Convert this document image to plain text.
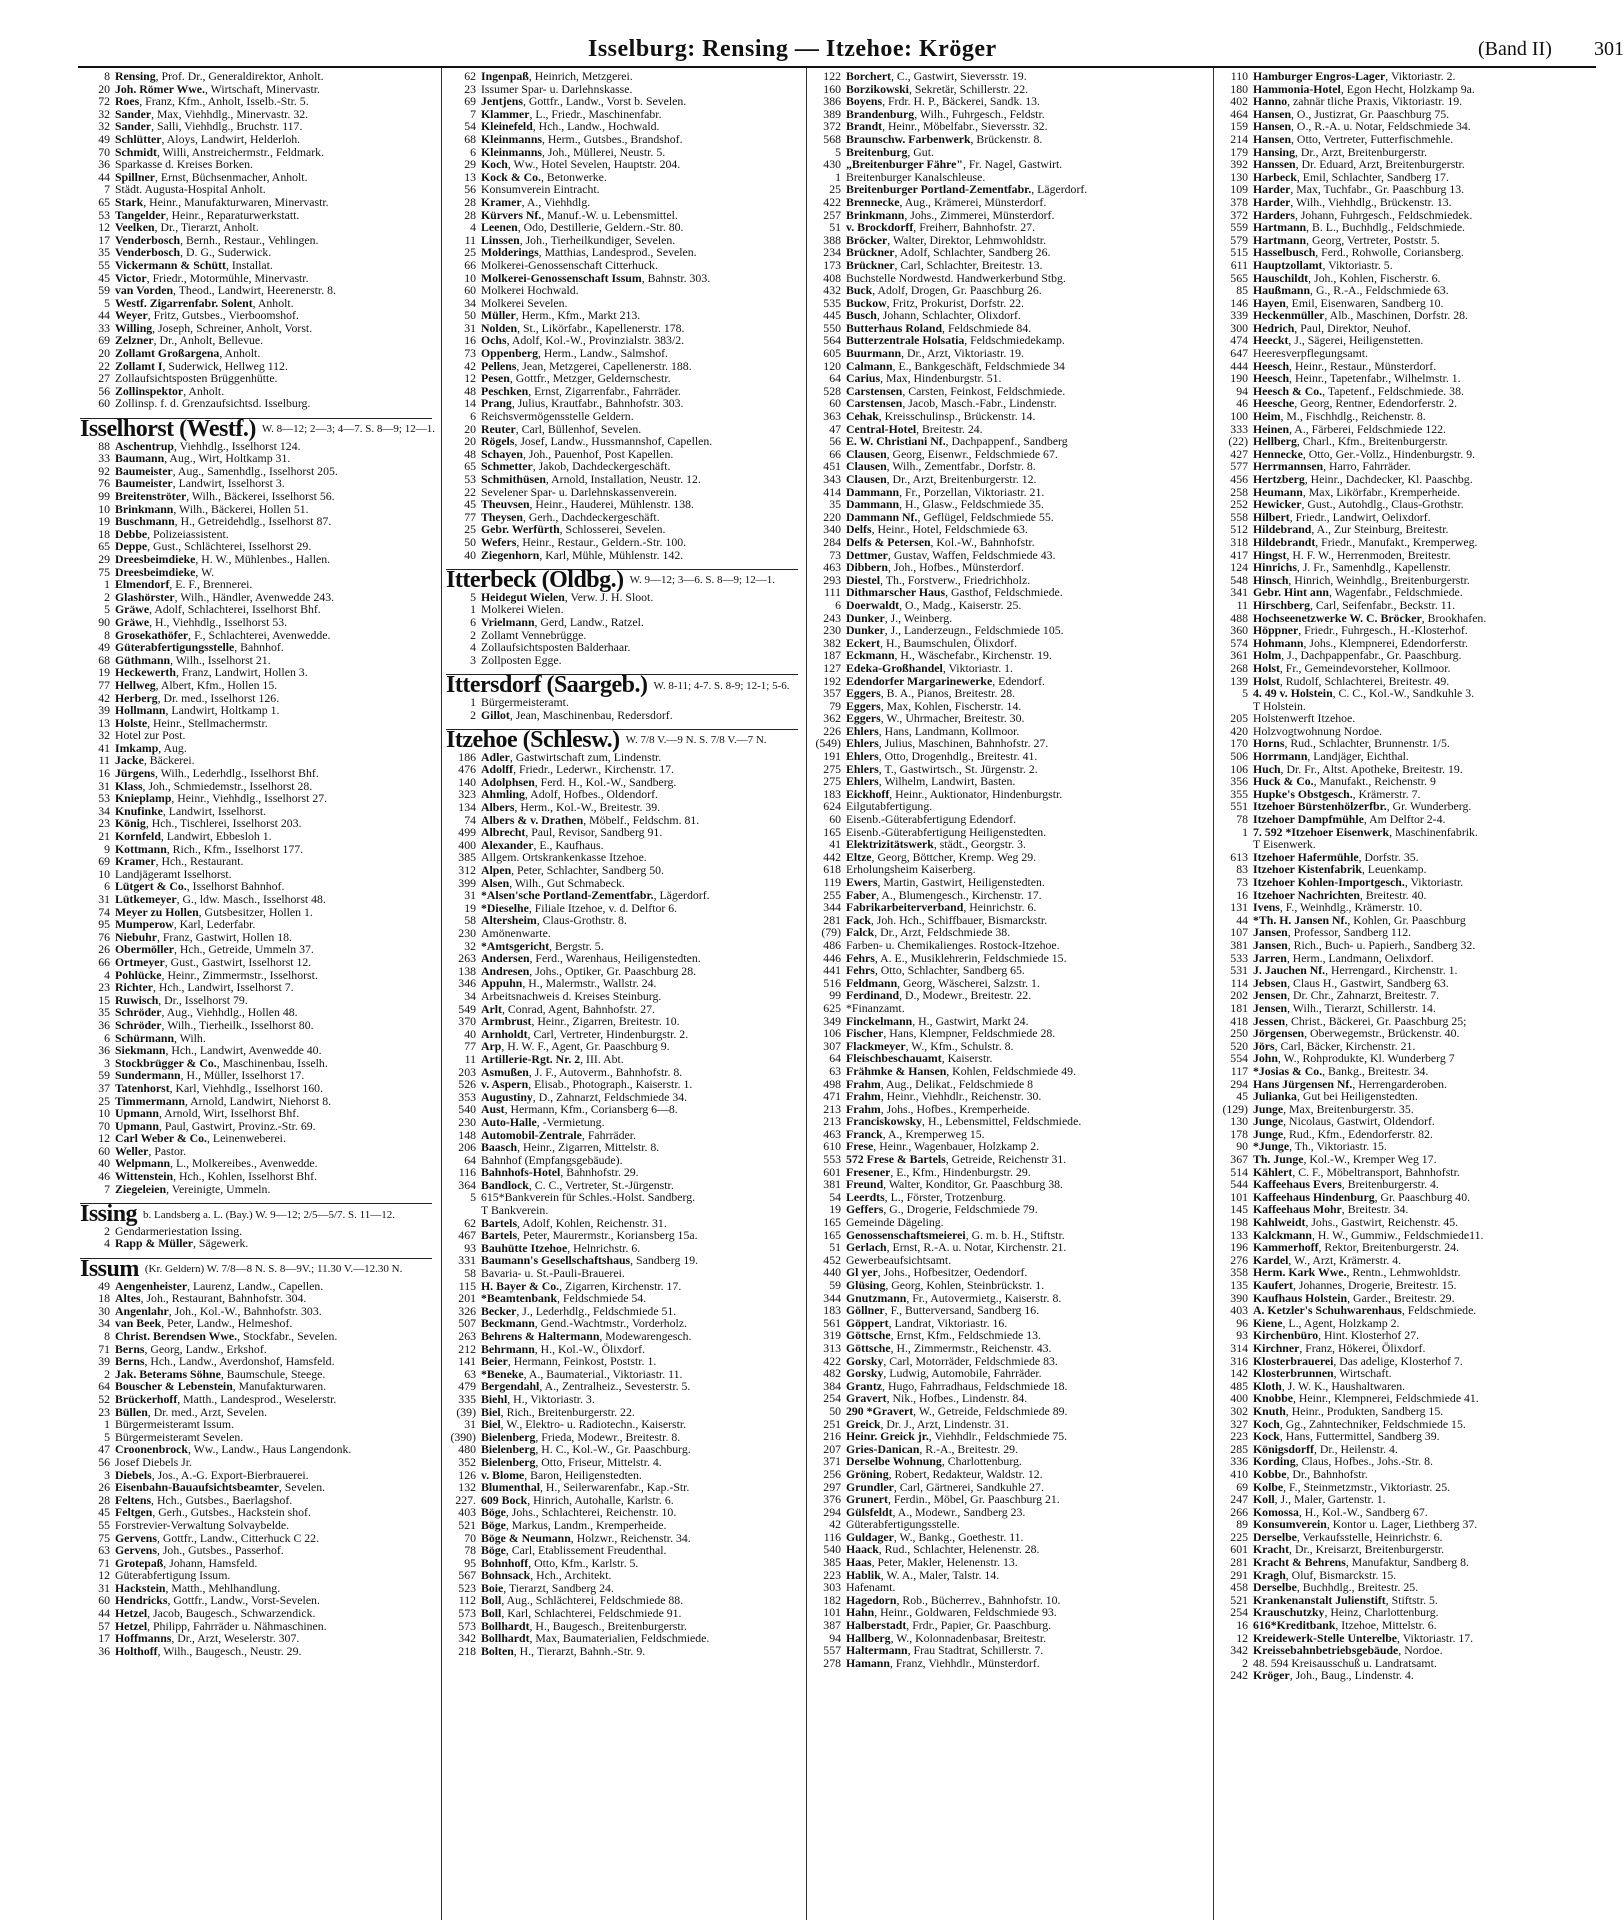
Isselburg: Rensing — Itzehoe: Kröger	(Band II) 301
8 Rensing, Prof. Dr., Generaldirektor, Anholt.
20 Joh. Römer Wwe., Wirtschaft, Minervastr.
72 Roes, Franz, Kfm., Anholt, Isselb.-Str. 5.
32 Sander, Max, Viehhdlg., Minervastr. 32.
32 Sander, Salli, Viehhdlg., Bruchstr. 117.
49 Schlütter, Aloys, Landwirt, Helderloh.
70 Schmidt, Willi, Anstreichermstr., Feldmark.
36 Sparkasse d. Kreises Borken.
44 Spillner, Ernst, Büchsenmacher, Anholt.
7 Städt. Augusta-Hospital Anholt.
65 Stark, Heinr., Manufakturwaren, Minervastr.
53 Tangelder, Heinr., Reparaturwerkstatt.
12 Veelken, Dr., Tierarzt, Anholt.
17 Venderbosch, Bernh., Restaur., Vehlingen.
35 Venderbosch, D. G., Suderwick.
55 Vickermann & Schütt, Installat.
45 Victor, Friedr., Motormühle, Minervastr.
59 van Vorden, Theod., Landwirt, Heerenerstr. 8.
5 Westf. Zigarrenfabr. Solent, Anholt.
44 Weyer, Fritz, Gutsbes., Vierboomshof.
33 Willing, Joseph, Schreiner, Anholt, Vorst.
69 Zelzner, Dr., Anholt, Bellevue.
20 Zollamt Großargena, Anholt.
22 Zollamt I, Suderwick, Hellweg 112.
27 Zollaufsichtsposten Brüggenhütte.
56 Zollinspektor, Anholt.
60 Zollinsp. f. d. Grenzaufsichtsd. Isselburg.
Isselhorst (Westf.) W. 8—12; 2—3; 4—7. S. 8—9; 12—1.
88 Aschentrup, Viehhdlg., Isselhorst 124.
33 Baumann, Aug., Wirt, Holtkamp 31.
92 Baumeister, Aug., Samenhdlg., Isselhorst 205.
76 Baumeister, Landwirt, Isselhorst 3.
99 Breitenströter, Wilh., Bäckerei, Isselhorst 56.
10 Brinkmann, Wilh., Bäckerei, Hollen 51.
19 Buschmann, H., Getreidehdlg., Isselhorst 87.
18 Debbe, Polizeiassistent.
65 Deppe, Gust., Schlächterei, Isselhorst 29.
29 Dreesbeimdieke, H. W., Mühlenbes., Hallen.
75 Dreesbeimdieke, W.
1 Elmendorf, E. F., Brennerei.
2 Glashörster, Wilh., Händler, Avenwedde 243.
5 Gräwe, Adolf, Schlachterei, Isselhorst Bhf.
90 Gräwe, H., Viehhdlg., Isselhorst 53.
8 Grosekathöfer, F., Schlachterei, Avenwedde.
49 Güterabfertigungsstelle, Bahnhof.
68 Güthmann, Wilh., Isselhorst 21.
19 Heckewerth, Franz, Landwirt, Hollen 3.
77 Hellweg, Albert, Kfm., Hollen 15.
42 Herberg, Dr. med., Isselhorst 126.
39 Hollmann, Landwirt, Holtkamp 1.
13 Holste, Heinr., Stellmachermstr.
32 Hotel zur Post.
41 Imkamp, Aug.
11 Jacke, Bäckerei.
16 Jürgens, Wilh., Lederhdlg., Isselhorst Bhf.
31 Klass, Joh., Schmiedemstr., Isselhorst 28.
53 Knieplamp, Heinr., Viehhdlg., Isselhorst 27.
34 Knufinke, Landwirt, Isselhorst.
23 König, Hch., Tischlerei, Isselhorst 203.
21 Kornfeld, Landwirt, Ebbesloh 1.
9 Kottmann, Rich., Kfm., Isselhorst 177.
69 Kramer, Hch., Restaurant.
10 Landjägeramt Isselhorst.
6 Lütgert & Co., Isselhorst Bahnhof.
31 Lütkemeyer, G., ldw. Masch., Isselhorst 48.
74 Meyer zu Hollen, Gutsbesitzer, Hollen 1.
95 Mumperow, Karl, Lederfabr.
76 Niebuhr, Franz, Gastwirt, Hollen 18.
26 Obermöller, Hch., Getreide, Ummeln 37.
66 Ortmeyer, Gust., Gastwirt, Isselhorst 12.
4 Pohlücke, Heinr., Zimmermstr., Isselhorst.
23 Richter, Hch., Landwirt, Isselhorst 7.
15 Ruwisch, Dr., Isselhorst 79.
35 Schröder, Aug., Viehhdlg., Hollen 48.
36 Schröder, Wilh., Tierheilk., Isselhorst 80.
6 Schürmann, Wilh.
36 Siekmann, Hch., Landwirt, Avenwedde 40.
3 Stockbrügger & Co., Maschinenbau, Isselh.
59 Sundermann, H., Müller, Isselhorst 17.
37 Tatenhorst, Karl, Viehhdlg., Isselhorst 160.
25 Timmermann, Arnold, Landwirt, Niehorst 8.
10 Upmann, Arnold, Wirt, Isselhorst Bhf.
70 Upmann, Paul, Gastwirt, Provinz.-Str. 69.
12 Carl Weber & Co., Leinenweberei.
60 Weller, Pastor.
40 Welpmann, L., Molkereibes., Avenwedde.
46 Wittenstein, Hch., Kohlen, Isselhorst Bhf.
7 Ziegeleien, Vereinigte, Ummeln.
Issing b. Landsberg a. L. (Bay.) W. 9—12; 2/5—5/7. S. 11—12.
2 Gendarmeriestation Issing.
4 Rapp & Müller, Sägewerk.
Issum (Kr. Geldern) W. 7/8—8 N. S. 8—9V.; 11.30 V.—12.30 N.
49 Aengenheister, Laurenz, Landw., Capellen.
18 Altes, Joh., Restaurant, Bahnhofstr. 304.
30 Angenlahr, Joh., Kol.-W., Bahnhofstr. 303.
34 van Beek, Peter, Landw., Helmeshof.
8 Christ. Berendsen Wwe., Stockfabr., Sevelen.
71 Berns, Georg, Landw., Erkshof.
39 Berns, Hch., Landw., Averdonshof, Hamsfeld.
2 Jak. Beterams Söhne, Baumschule, Steege.
64 Bouscher & Lebenstein, Manufakturwaren.
52 Brückerhoff, Matth., Landesprod., Weselerstr.
23 Büllen, Dr. med., Arzt, Sevelen.
1 Bürgermeisteramt Issum.
5 Bürgermeisteramt Sevelen.
47 Croonenbrock, Ww., Landw., Haus Langendonk.
56 Josef Diebels Jr.
3 Diebels, Jos., A.-G. Export-Bierbrauerei.
26 Eisenbahn-Bauaufsichtsbeamter, Sevelen.
28 Feltens, Hch., Gutsbes., Baerlagshof.
45 Feltgen, Gerh., Gutsbes., Hackstein shof.
55 Forstrevier-Verwaltung Solvaybelde.
75 Gervens, Gottfr., Landw., Citterhuck C 22.
63 Gervens, Joh., Gutsbes., Passerhof.
71 Grotepaß, Johann, Hamsfeld.
12 Güterabfertigung Issum.
31 Hackstein, Matth., Mehlhandlung.
60 Hendricks, Gottfr., Landw., Vorst-Sevelen.
44 Hetzel, Jacob, Baugesch., Schwarzendick.
57 Hetzel, Philipp, Fahrräder u. Nähmaschinen.
17 Hoffmanns, Dr., Arzt, Weselerstr. 307.
36 Holthoff, Wilh., Baugesch., Neustr. 29.
62 Ingenpaß, Heinrich, Metzgerei.
23 Issumer Spar- u. Darlehnskasse.
69 Jentjens, Gottfr., Landw., Vorst b. Sevelen.
7 Klammer, L., Friedr., Maschinenfabr.
54 Kleinefeld, Hch., Landw., Hochwald.
68 Kleinmanns, Herm., Gutsbes., Brandshof.
6 Kleinmanns, Joh., Müllerei, Neustr. 5.
29 Koch, Ww., Hotel Sevelen, Hauptstr. 204.
13 Kock & Co., Betonwerke.
56 Konsumverein Eintracht.
28 Kramer, A., Viehhdlg.
28 Kürvers Nf., Manuf.-W. u. Lebensmittel.
4 Leenen, Odo, Destillerie, Geldern.-Str. 80.
11 Linssen, Joh., Tierheilkundiger, Sevelen.
25 Molderings, Matthias, Landesprod., Sevelen.
66 Molkerei-Genossenschaft Citterhuck.
10 Molkerei-Genossenschaft Issum, Bahnstr. 303.
60 Molkerei Hochwald.
34 Molkerei Sevelen.
50 Müller, Herm., Kfm., Markt 213.
31 Nolden, St., Likörfabr., Kapellenerstr. 178.
16 Ochs, Adolf, Kol.-W., Provinzialstr. 383/2.
73 Oppenberg, Herm., Landw., Salmshof.
42 Pellens, Jean, Metzgerei, Capellenerstr. 188.
12 Pesen, Gottfr., Metzger, Geldernschestr.
48 Peschken, Ernst, Zigarrenfabr., Fahrräder.
14 Prang, Julius, Krautfabr., Bahnhofstr. 303.
6 Reichsvermögensstelle Geldern.
20 Reuter, Carl, Büllenhof, Sevelen.
20 Rögels, Josef, Landw., Hussmannshof, Capellen.
48 Schayen, Joh., Pauenhof, Post Kapellen.
65 Schmetter, Jakob, Dachdeckergeschäft.
53 Schmithüsen, Arnold, Installation, Neustr. 12.
22 Sevelener Spar- u. Darlehnskassenverein.
45 Theuvsen, Heinr., Hauderei, Mühlenstr. 138.
77 Theysen, Gerh., Dachdeckergeschäft.
25 Gebr. Werfürth, Schlosserei, Sevelen.
50 Wefers, Heinr., Restaur., Geldern.-Str. 100.
40 Ziegenhorn, Karl, Mühle, Mühlenstr. 142.
Itterbeck (Oldbg.) W. 9—12; 3—6. S. 8—9; 12—1.
5 Heidegut Wielen, Verw. J. H. Sloot.
1 Molkerei Wielen.
6 Vrielmann, Gerd, Landw., Ratzel.
2 Zollamt Vennebrügge.
4 Zollaufsichtsposten Balderhaar.
3 Zollposten Egge.
Ittersdorf (Saargeb.) W. 8-11; 4-7. S. 8-9; 12-1; 5-6.
1 Bürgermeisteramt.
2 Gillot, Jean, Maschinenbau, Redersdorf.
Itzehoe (Schlesw.) W. 7/8 V.—9 N. S. 7/8 V.—7 N.
186 Adler, Gastwirtschaft zum, Lindenstr.
476 Adolff, Friedr., Lederwr., Kirchenstr. 17.
140 Adolphsen, Ferd. H., Kol.-W., Sandberg.
323 Ahmling, Adolf, Hofbes., Oldendorf.
134 Albers, Herm., Kol.-W., Breitestr. 39.
74 Albers & v. Drathen, Möbelf., Feldschm. 81.
499 Albrecht, Paul, Revisor, Sandberg 91.
400 Alexander, E., Kaufhaus.
385 Allgem. Ortskrankenkasse Itzehoe.
312 Alpen, Peter, Schlachter, Sandberg 50.
399 Alsen, Wilh., Gut Schmabeck.
31 *Alsen'sche Portland-Zementfabr., Lägerdorf.
19 *Dieselhe, Filiale Itzehoe, v. d. Delftor 6.
58 Altersheim, Claus-Grothstr. 8.
230 Amönenwarte.
32 *Amtsgericht, Bergstr. 5.
263 Andersen, Ferd., Warenhaus, Heiligenstedten.
138 Andresen, Johs., Optiker, Gr. Paaschburg 28.
346 Appuhn, H., Malermstr., Wallstr. 24.
34 Arbeitsnachweis d. Kreises Steinburg.
549 Arlt, Conrad, Agent, Bahnhofstr. 27.
370 Armbrust, Heinr., Zigarren, Breitestr. 10.
40 Arnholdt, Carl, Vertreter, Hindenburgstr. 2.
77 Arp, H. W. F., Agent, Gr. Paaschburg 9.
11 Artillerie-Rgt. Nr. 2, III. Abt.
203 Asmußen, J. F., Autoverm., Bahnhofstr. 8.
526 v. Aspern, Elisab., Photograph., Kaiserstr. 1.
353 Augustiny, D., Zahnarzt, Feldschmiede 34.
540 Aust, Hermann, Kfm., Coriansberg 6—8.
230 Auto-Halle, -Vermietung.
148 Automobil-Zentrale, Fahrräder.
206 Baasch, Heinr., Zigarren, Mittelstr. 8.
64 Bahnhof (Empfangsgebäude).
116 Bahnhofs-Hotel, Bahnhofstr. 29.
364 Bandlock, C. C., Vertreter, St.-Jürgenstr.
5 615*Bankverein für Schles.-Holst. Sandberg.
T Bankverein.
62 Bartels, Adolf, Kohlen, Reichenstr. 31.
467 Bartels, Peter, Maurermstr., Koriansberg 15a.
93 Bauhütte Itzehoe, Helnrichstr. 6.
331 Baumann's Gesellschaftshaus, Sandberg 19.
58 Bavaria- u. St.-Pauli-Brauerei.
115 H. Bayer & Co., Zigarren, Kirchenstr. 17.
201 *Beamtenbank, Feldschmiede 54.
326 Becker, J., Lederhdlg., Feldschmiede 51.
507 Beckmann, Gend.-Wachtmstr., Vorderholz.
263 Behrens & Haltermann, Modewarengesch.
212 Behrmann, H., Kol.-W., Ölixdorf.
141 Beier, Hermann, Feinkost, Poststr. 1.
63 *Beneke, A., Baumaterial., Viktoriastr. 11.
479 Bergendahl, A., Zentralheiz., Sevesterstr. 5.
335 Biehl, H., Viktoriastr. 3.
(39) Biel, Rich., Breitenburgerstr. 22.
31 Biel, W., Elektro- u. Radiotechn., Kaiserstr.
(390) Bielenberg, Frieda, Modewr., Breitestr. 8.
480 Bielenberg, H. C., Kol.-W., Gr. Paaschburg.
352 Bielenberg, Otto, Friseur, Mittelstr. 4.
126 v. Blome, Baron, Heiligenstedten.
132 Blumenthal, H., Seilerwarenfabr., Kap.-Str.
227. 609 Bock, Hinrich, Autohalle, Karlstr. 6.
403 Böge, Johs., Schlachterei, Reichenstr. 10.
521 Böge, Markus, Landm., Kremperheide.
70 Böge & Neumann, Holzwr., Reichenstr. 34.
78 Böge, Carl, Etablissement Freudenthal.
95 Bohnhoff, Otto, Kfm., Karlstr. 5.
567 Bohnsack, Hch., Architekt.
523 Boie, Tierarzt, Sandberg 24.
112 Boll, Aug., Schlächterei, Feldschmiede 88.
573 Boll, Karl, Schlachterei, Feldschmiede 91.
573 Bollhardt, H., Baugesch., Breitenburgerstr.
342 Bollhardt, Max, Baumaterialien, Feldschmiede.
218 Bolten, H., Tierarzt, Bahnh.-Str. 9.
122 Borchert, C., Gastwirt, Sieversstr. 19.
160 Borzikowski, Sekretär, Schillerstr. 22.
386 Boyens, Frdr. H. P., Bäckerei, Sandk. 13.
389 Brandenburg, Wilh., Fuhrgesch., Feldstr.
372 Brandt, Heinr., Möbelfabr., Sieversstr. 32.
568 Braunschw. Farbenwerk, Brückenstr. 8.
5 Breitenburg, Gut.
430 „Breitenburger Fähre", Fr. Nagel, Gastwirt.
1 Breitenburger Kanalschleuse.
25 Breitenburger Portland-Zementfabr., Lägerdorf.
422 Brennecke, Aug., Krämerei, Münsterdorf.
257 Brinkmann, Johs., Zimmerei, Münsterdorf.
51 v. Brockdorff, Freiherr, Bahnhofstr. 27.
388 Bröcker, Walter, Direktor, Lehmwohldstr.
234 Brückner, Adolf, Schlachter, Sandberg 26.
173 Brückner, Carl, Schlachter, Breitestr. 13.
408 Buchstelle Nordwestd. Handwerkerbund Stbg.
432 Buck, Adolf, Drogen, Gr. Paaschburg 26.
535 Buckow, Fritz, Prokurist, Dorfstr. 22.
445 Busch, Johann, Schlachter, Olixdorf.
550 Butterhaus Roland, Feldschmiede 84.
564 Butterzentrale Holsatia, Feldschmiedekamp.
605 Buurmann, Dr., Arzt, Viktoriastr. 19.
120 Calmann, E., Bankgeschäft, Feldschmiede 34
64 Carius, Max, Hindenburgstr. 51.
528 Carstensen, Carsten, Feinkost, Feldschmiede.
60 Carstensen, Jacob, Masch.-Fabr., Lindenstr.
363 Cehak, Kreisschulinsp., Brückenstr. 14.
47 Central-Hotel, Breitestr. 24.
56 E. W. Christiani Nf., Dachpappenf., Sandberg
66 Clausen, Georg, Eisenwr., Feldschmiede 67.
451 Clausen, Wilh., Zementfabr., Dorfstr. 8.
343 Clausen, Dr., Arzt, Breitenburgerstr. 12.
414 Dammann, Fr., Porzellan, Viktoriastr. 21.
35 Dammann, H., Glasw., Feldschmiede 35.
220 Dammann Nf., Geflügel, Feldschmiede 55.
340 Delfs, Heinr., Hotel, Feldschmiede 63.
284 Delfs & Petersen, Kol.-W., Bahnhofstr.
73 Dettmer, Gustav, Waffen, Feldschmiede 43.
463 Dibbern, Joh., Hofbes., Münsterdorf.
293 Diestel, Th., Forstverw., Friedrichholz.
111 Dithmarscher Haus, Gasthof, Feldschmiede.
6 Doerwaldt, O., Madg., Kaiserstr. 25.
243 Dunker, J., Weinberg.
230 Dunker, J., Landerzeugn., Feldschmiede 105.
382 Eckert, H., Baumschulen, Ölixdorf.
187 Eckmann, H., Wäschefabr., Kirchenstr. 19.
127 Edeka-Großhandel, Viktoriastr. 1.
192 Edendorfer Margarinewerke, Edendorf.
357 Eggers, B. A., Pianos, Breitestr. 28.
79 Eggers, Max, Kohlen, Fischerstr. 14.
362 Eggers, W., Uhrmacher, Breitestr. 30.
226 Ehlers, Hans, Landmann, Kollmoor.
(549) Ehlers, Julius, Maschinen, Bahnhofstr. 27.
191 Ehlers, Otto, Drogenhdlg., Breitestr. 41.
275 Ehlers, T., Gastwirtsch., St. Jürgenstr. 2.
275 Ehlers, Wilhelm, Landwirt, Basten.
183 Eickhoff, Heinr., Auktionator, Hindenburgstr.
624 Eilgutabfertigung.
60 Eisenb.-Güterabfertigung Edendorf.
165 Eisenb.-Güterabfertigung Heiligenstedten.
41 Elektrizitätswerk, städt., Georgstr. 3.
442 Eltze, Georg, Böttcher, Kremp. Weg 29.
618 Erholungsheim Kaiserberg.
119 Ewers, Martin, Gastwirt, Heiligenstedten.
255 Faber, A., Blumengesch., Kirchenstr. 17.
344 Fabrikarbeiterverband, Heinrichstr. 6.
281 Fack, Joh. Hch., Schiffbauer, Bismarckstr.
(79) Falck, Dr., Arzt, Feldschmiede 38.
486 Farben- u. Chemikalienges. Rostock-Itzehoe.
446 Fehrs, A. E., Musiklehrerin, Feldschmiede 15.
441 Fehrs, Otto, Schlachter, Sandberg 65.
516 Feldmann, Georg, Wäscherei, Salzstr. 1.
99 Ferdinand, D., Modewr., Breitestr. 22.
625 *Finanzamt.
349 Finckelmann, H., Gastwirt, Markt 24.
106 Fischer, Hans, Klempner, Feldschmiede 28.
307 Flackmeyer, W., Kfm., Schulstr. 8.
64 Fleischbeschauamt, Kaiserstr.
63 Frähmke & Hansen, Kohlen, Feldschmiede 49.
498 Frahm, Aug., Delikat., Feldschmiede 8
471 Frahm, Heinr., Viehhdlr., Reichenstr. 30.
213 Frahm, Johs., Hofbes., Kremperheide.
213 Franciskowsky, H., Lebensmittel, Feldschmiede.
463 Franck, A., Kremperweg 15.
610 Frese, Heinr., Wagenbauer, Holzkamp 2.
553 572 Frese & Bartels, Getreide, Reichenstr 31.
601 Fresener, E., Kfm., Hindenburgstr. 29.
381 Freund, Walter, Konditor, Gr. Paaschburg 38.
54 Leerdts, L., Förster, Trotzenburg.
19 Geffers, G., Drogerie, Feldschmiede 79.
165 Gemeinde Dägeling.
165 Genossenschaftsmeierei, G. m. b. H., Stiftstr.
51 Gerlach, Ernst, R.-A. u. Notar, Kirchenstr. 21.
452 Gewerbeaufsichtsamt.
440 Gl yer, Johs., Hofbesitzer, Oedendorf.
59 Glüsing, Georg, Kohlen, Steinbrückstr. 1.
344 Gnutzmann, Fr., Autovermietg., Kaiserstr. 8.
183 Göllner, F., Butterversand, Sandberg 16.
561 Göppert, Landrat, Viktoriastr. 16.
319 Göttsche, Ernst, Kfm., Feldschmiede 13.
313 Göttsche, H., Zimmermstr., Reichenstr. 43.
422 Gorsky, Carl, Motorräder, Feldschmiede 83.
482 Gorsky, Ludwig, Automobile, Fahrräder.
384 Grantz, Hugo, Fahrradhaus, Feldschmiede 18.
254 Gravert, Nik., Hofbes., Lindenstr. 84.
50 290 *Gravert, W., Getreide, Feldschmiede 89.
251 Greick, Dr. J., Arzt, Lindenstr. 31.
216 Heinr. Greick jr., Viehhdlr., Feldschmiede 75.
207 Gries-Danican, R.-A., Breitestr. 29.
371 Derselbe Wohnung, Charlottenburg.
256 Gröning, Robert, Redakteur, Waldstr. 12.
297 Grundler, Carl, Gärtnerei, Sandkuhle 27.
376 Grunert, Ferdin., Möbel, Gr. Paaschburg 21.
294 Gülsfeldt, A., Modewr., Sandberg 23.
42 Güterabfertigungsstelle.
116 Guldager, W., Bankg., Goethestr. 11.
540 Haack, Rud., Schlachter, Helenenstr. 28.
385 Haas, Peter, Makler, Helenenstr. 13.
223 Hablik, W. A., Maler, Talstr. 14.
303 Hafenamt.
182 Hagedorn, Rob., Bücherrev., Bahnhofstr. 10.
101 Hahn, Heinr., Goldwaren, Feldschmiede 93.
387 Halberstadt, Frdr., Papier, Gr. Paaschburg.
94 Hallberg, W., Kolonnadenbasar, Breitestr.
557 Haltermann, Frau Stadtrat, Schillerstr. 7.
278 Hamann, Franz, Viehhdlr., Münsterdorf.
110 Hamburger Engros-Lager, Viktoriastr. 2.
180 Hammonia-Hotel, Egon Hecht, Holzkamp 9a.
402 Hanno, zahnär tliche Praxis, Viktoriastr. 19.
464 Hansen, O., Justizrat, Gr. Paaschburg 75.
159 Hansen, O., R.-A. u. Notar, Feldschmiede 34.
214 Hansen, Otto, Vertreter, Futterfischmehle.
179 Hansing, Dr., Arzt, Breitenburgerstr.
392 Hanssen, Dr. Eduard, Arzt, Breitenburgerstr.
130 Harbeck, Emil, Schlachter, Sandberg 17.
109 Harder, Max, Tuchfabr., Gr. Paaschburg 13.
378 Harder, Wilh., Viehhdlg., Brückenstr. 13.
372 Harders, Johann, Fuhrgesch., Feldschmiedek.
559 Hartmann, B. L., Buchhdlg., Feldschmiede.
579 Hartmann, Georg, Vertreter, Poststr. 5.
515 Hasselbusch, Ferd., Rohwolle, Coriansberg.
611 Hauptzollamt, Viktoriastr. 5.
565 Hauschildt, Joh., Kohlen, Fischerstr. 6.
85 Haußmann, G., R.-A., Feldschmiede 63.
146 Hayen, Emil, Eisenwaren, Sandberg 10.
339 Heckenmüller, Alb., Maschinen, Dorfstr. 28.
300 Hedrich, Paul, Direktor, Neuhof.
474 Heeckt, J., Sägerei, Heiligenstetten.
647 Heeresverpflegungsamt.
444 Heesch, Heinr., Restaur., Münsterdorf.
190 Heesch, Heinr., Tapetenfabr., Wilhelmstr. 1.
94 Heesch & Co., Tapetenf., Feldschmiede. 38.
46 Heesche, Georg, Rentner, Edendorferstr. 2.
100 Heim, M., Fischhdlg., Reichenstr. 8.
333 Heinen, A., Färberei, Feldschmiede 122.
(22) Hellberg, Charl., Kfm., Breitenburgerstr.
427 Hennecke, Otto, Ger.-Vollz., Hindenburgstr. 9.
577 Herrmannsen, Harro, Fahrräder.
456 Hertzberg, Heinr., Dachdecker, Kl. Paaschbg.
258 Heumann, Max, Likörfabr., Kremperheide.
252 Hewicker, Gust., Autohdlg., Claus-Grothstr.
558 Hilbert, Friedr., Landwirt, Oelixdorf.
512 Hildebrand, A., Zur Steinburg, Breitestr.
318 Hildebrandt, Friedr., Manufakt., Kremperweg.
417 Hingst, H. F. W., Herrenmoden, Breitestr.
124 Hinrichs, J. Fr., Samenhdlg., Kapellenstr.
548 Hinsch, Hinrich, Weinhdlg., Breitenburgerstr.
341 Gebr. Hint ann, Wagenfabr., Feldschmiede.
11 Hirschberg, Carl, Seifenfabr., Beckstr. 11.
488 Hochseenetzwerke W. C. Bröcker, Brookhafen.
360 Höppner, Friedr., Fuhrgesch., H.-Klosterhof.
574 Hohmann, Johs., Klempnerei, Edendorferstr.
361 Holm, J., Dachpappenfabr., Gr. Paaschburg.
268 Holst, Fr., Gemeindevorsteher, Kollmoor.
139 Holst, Rudolf, Schlachterei, Breitestr. 49.
5 4. 49 v. Holstein, C. C., Kol.-W., Sandkuhle 3.
T Holstein.
205 Holstenwerft Itzehoe.
420 Holzvogtwohnung Nordoe.
170 Horns, Rud., Schlachter, Brunnenstr. 1/5.
506 Horrmann, Landjäger, Eichthal.
106 Huch, Dr. Fr., Altst. Apotheke, Breitestr. 19.
356 Huck & Co., Manufakt., Reichenstr. 9
355 Hupke's Obstgesch., Krämerstr. 7.
551 Itzehoer Bürstenhölzerfbr., Gr. Wunderberg.
78 Itzehoer Dampfmühle, Am Delftor 2-4.
1 7. 592 *Itzehoer Eisenwerk, Maschinenfabrik.
T Eisenwerk.
613 Itzehoer Hafermühle, Dorfstr. 35.
83 Itzehoer Kistenfabrik, Leuenkamp.
73 Itzehoer Kohlen-Importgesch., Viktoriastr.
16 Itzehoer Nachrichten, Breitestr. 40.
131 Ivens, F., Weinhdlg., Krämerstr. 10.
44 *Th. H. Jansen Nf., Kohlen, Gr. Paaschburg
107 Jansen, Professor, Sandberg 112.
381 Jansen, Rich., Buch- u. Papierh., Sandberg 32.
533 Jarren, Herm., Landmann, Oelixdorf.
531 J. Jauchen Nf., Herrengard., Kirchenstr. 1.
114 Jebsen, Claus H., Gastwirt, Sandberg 63.
202 Jensen, Dr. Chr., Zahnarzt, Breitestr. 7.
181 Jensen, Wilh., Tierarzt, Schillerstr. 14.
418 Jessen, Christ., Bäckerei, Gr. Paaschburg 25;
250 Jörgensen, Oberwegemstr., Brückenstr. 40.
520 Jörs, Carl, Bäcker, Kirchenstr. 21.
554 John, W., Rohprodukte, Kl. Wunderberg 7
117 *Josias & Co., Bankg., Breitestr. 34.
294 Hans Jürgensen Nf., Herrengarderoben.
45 Julianka, Gut bei Heiligenstedten.
(129) Junge, Max, Breitenburgerstr. 35.
130 Junge, Nicolaus, Gastwirt, Oldendorf.
178 Junge, Rud., Kfm., Edendorferstr. 82.
90 *Junge, Th., Viktoriastr. 15.
367 Th. Junge, Kol.-W., Kremper Weg 17.
514 Kählert, C. F., Möbeltransport, Bahnhofstr.
544 Kaffeehaus Evers, Breitenburgerstr. 4.
101 Kaffeehaus Hindenburg, Gr. Paaschburg 40.
145 Kaffeehaus Mohr, Breitestr. 34.
198 Kahlweidt, Johs., Gastwirt, Reichenstr. 45.
133 Kalckmann, H. W., Gummiw., Feldschmiede11.
196 Kammerhoff, Rektor, Breitenburgerstr. 24.
276 Kardel, W., Arzt, Krämerstr. 4.
358 Herm. Kark Wwe., Rentn., Lehmwohldstr.
135 Kaufert, Johannes, Drogerie, Breitestr. 15.
390 Kaufhaus Holstein, Garder., Breitestr. 29.
403 A. Ketzler's Schuhwarenhaus, Feldschmiede.
96 Kiene, L., Agent, Holzkamp 2.
93 Kirchenbüro, Hint. Klosterhof 27.
314 Kirchner, Franz, Hökerei, Ölixdorf.
316 Klosterbrauerei, Das adelige, Klosterhof 7.
142 Klosterbrunnen, Wirtschaft.
485 Kloth, J. W. K., Haushaltwaren.
400 Knobbe, Heinr., Klempnerei, Feldschmiede 41.
302 Knuth, Heinr., Produkten, Sandberg 15.
327 Koch, Gg., Zahntechniker, Feldschmiede 15.
223 Kock, Hans, Futtermittel, Sandberg 39.
285 Königsdorff, Dr., Heilenstr. 4.
336 Kording, Claus, Hofbes., Johs.-Str. 8.
410 Kobbe, Dr., Bahnhofstr.
69 Kolbe, F., Steinmetzmstr., Viktoriastr. 25.
247 Koll, J., Maler, Gartenstr. 1.
266 Komossa, H., Kol.-W., Sandberg 67.
89 Konsumverein, Kontor u. Lager, Liethberg 37.
225 Derselbe, Verkaufsstelle, Heinrichstr. 6.
601 Kracht, Dr., Kreisarzt, Breitenburgerstr.
281 Kracht & Behrens, Manufaktur, Sandberg 8.
291 Kragh, Oluf, Bismarckstr. 15.
458 Derselbe, Buchhdlg., Breitestr. 25.
521 Krankenanstalt Julienstift, Stiftstr. 5.
254 Krauschutzky, Heinz, Charlottenburg.
16 616*Kreditbank, Itzehoe, Mittelstr. 6.
12 Kreidewerk-Stelle Unterelbe, Viktoriastr. 17.
342 Kreissebahnbetriebsgebäude, Nordoe.
2 48. 594 Kreisausschuß u. Landratsamt.
242 Kröger, Joh., Baug., Lindenstr. 4.
